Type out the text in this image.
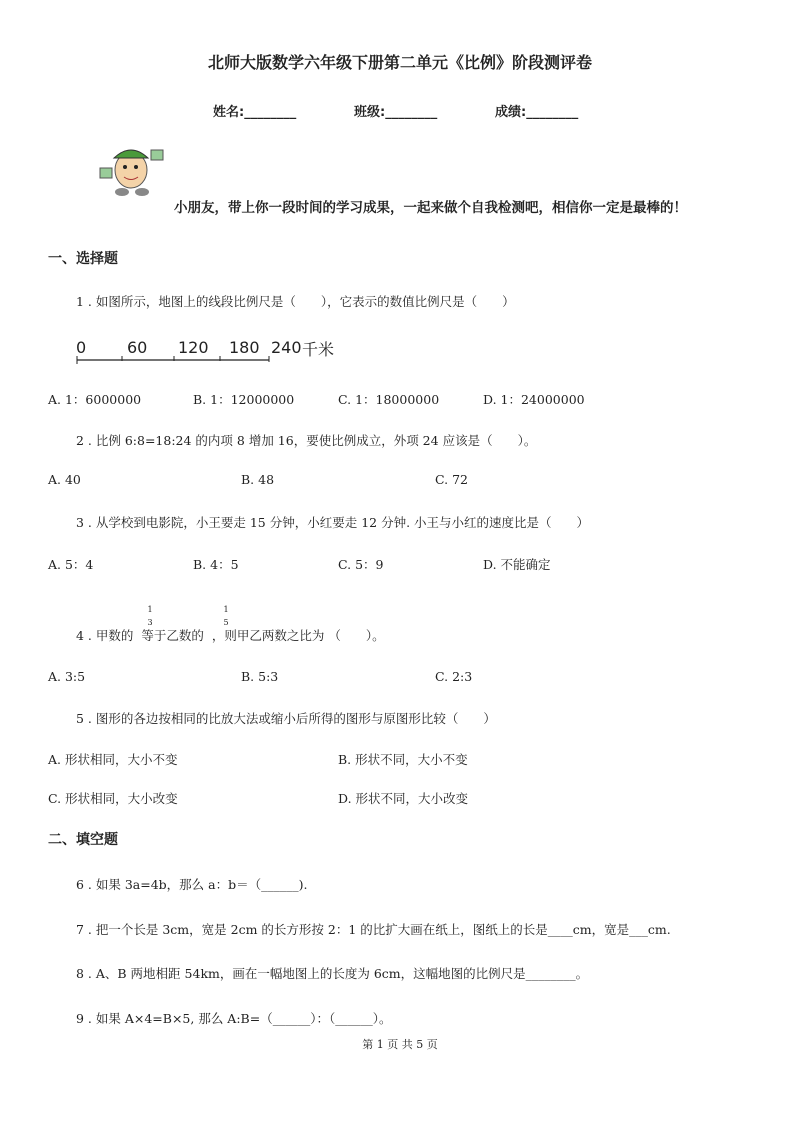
北师大版数学六年级下册第二单元《比例》阶段测评卷
姓名:________	班级:________	成绩:________
小朋友，带上你一段时间的学习成果，一起来做个自我检测吧，相信你一定是最棒的！
一、选择题
1 . 如图所示，地图上的线段比例尺是（　　），它表示的数值比例尺是（　　）
0	60 120 180 240 千米
A. 1：6000000	B. 1：12000000	C. 1：18000000	D. 1：24000000
2 . 比例 6:8=18:24 的内项 8 增加 16，要使比例成立，外项 24 应该是（　　）。
A. 40	B. 48	C. 72
3 . 从学校到电影院，小王要走 15 分钟，小红要走 12 分钟. 小王与小红的速度比是（　　）
A. 5：4	B. 4：5	C. 5：9	D. 不能确定
4 . 甲数的 等于乙数的 ，则甲乙两数之比为 （　　）。
1
3
1
5
A. 3:5	B. 5:3	C. 2:3
5 . 图形的各边按相同的比放大法或缩小后所得的图形与原图形比较（　　）
A. 形状相同，大小不变	B. 形状不同，大小不变
C. 形状相同，大小改变	D. 形状不同，大小改变
二、填空题
6 . 如果 3a=4b，那么 a：b＝（______).
7 . 把一个长是 3cm，宽是 2cm 的长方形按 2：1 的比扩大画在纸上，图纸上的长是____cm，宽是___cm.
8 . A、B 两地相距 54km，画在一幅地图上的长度为 6cm，这幅地图的比例尺是________。
9 . 如果 A×4=B×5, 那么 A:B=（______）：（______）。
第 1 页 共 5 页
